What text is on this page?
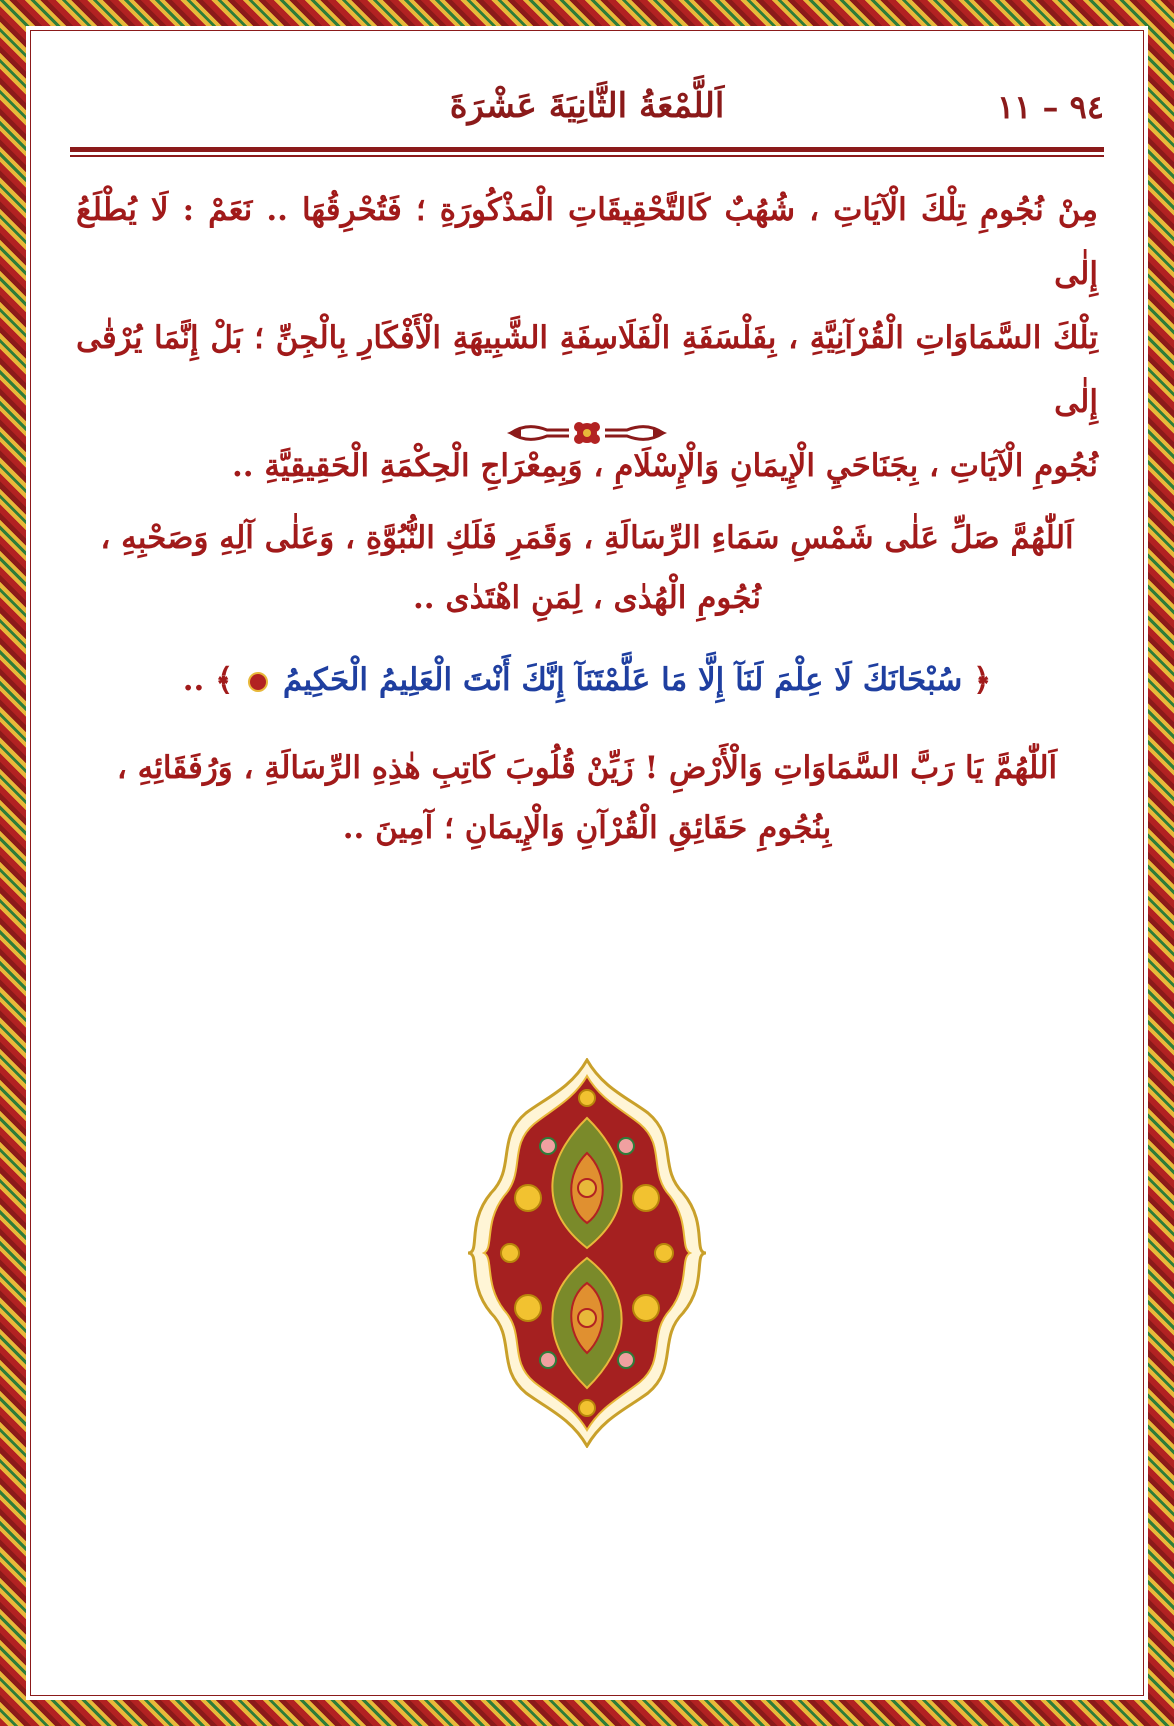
٩٤ – ١١
اَللَّمْعَةُ الثَّانِيَةَ عَشْرَةَ
مِنْ نُجُومِ تِلْكَ الْآيَاتِ ، شُهُبٌ كَالتَّحْقِيقَاتِ الْمَذْكُورَةِ ؛ فَتُحْرِقُهَا .. نَعَمْ : لَا يُطْلَعُ إِلٰى
تِلْكَ السَّمَاوَاتِ الْقُرْآنِيَّةِ ، بِفَلْسَفَةِ الْفَلَاسِفَةِ الشَّبِيهَةِ الْأَفْكَارِ بِالْجِنِّ ؛ بَلْ إِنَّمَا يُرْقٰى إِلٰى
نُجُومِ الْآيَاتِ ، بِجَنَاحَيِ الْإِيمَانِ وَالْإِسْلَامِ ، وَبِمِعْرَاجِ الْحِكْمَةِ الْحَقِيقِيَّةِ ..
اَللّٰهُمَّ صَلِّ عَلٰى شَمْسِ سَمَاءِ الرِّسَالَةِ ، وَقَمَرِ فَلَكِ النُّبُوَّةِ ، وَعَلٰى آلِهِ وَصَحْبِهِ ،
نُجُومِ الْهُدٰى ، لِمَنِ اهْتَدٰى ..
﴿ سُبْحَانَكَ لَا عِلْمَ لَنَآ إِلَّا مَا عَلَّمْتَنَآ إِنَّكَ أَنْتَ الْعَلِيمُ الْحَكِيمُ  ﴾ ..
اَللّٰهُمَّ يَا رَبَّ السَّمَاوَاتِ وَالْأَرْضِ ! زَيِّنْ قُلُوبَ كَاتِبِ هٰذِهِ الرِّسَالَةِ ، وَرُفَقَائِهِ ،
بِنُجُومِ حَقَائِقِ الْقُرْآنِ وَالْإِيمَانِ ؛ آمِينَ ..
